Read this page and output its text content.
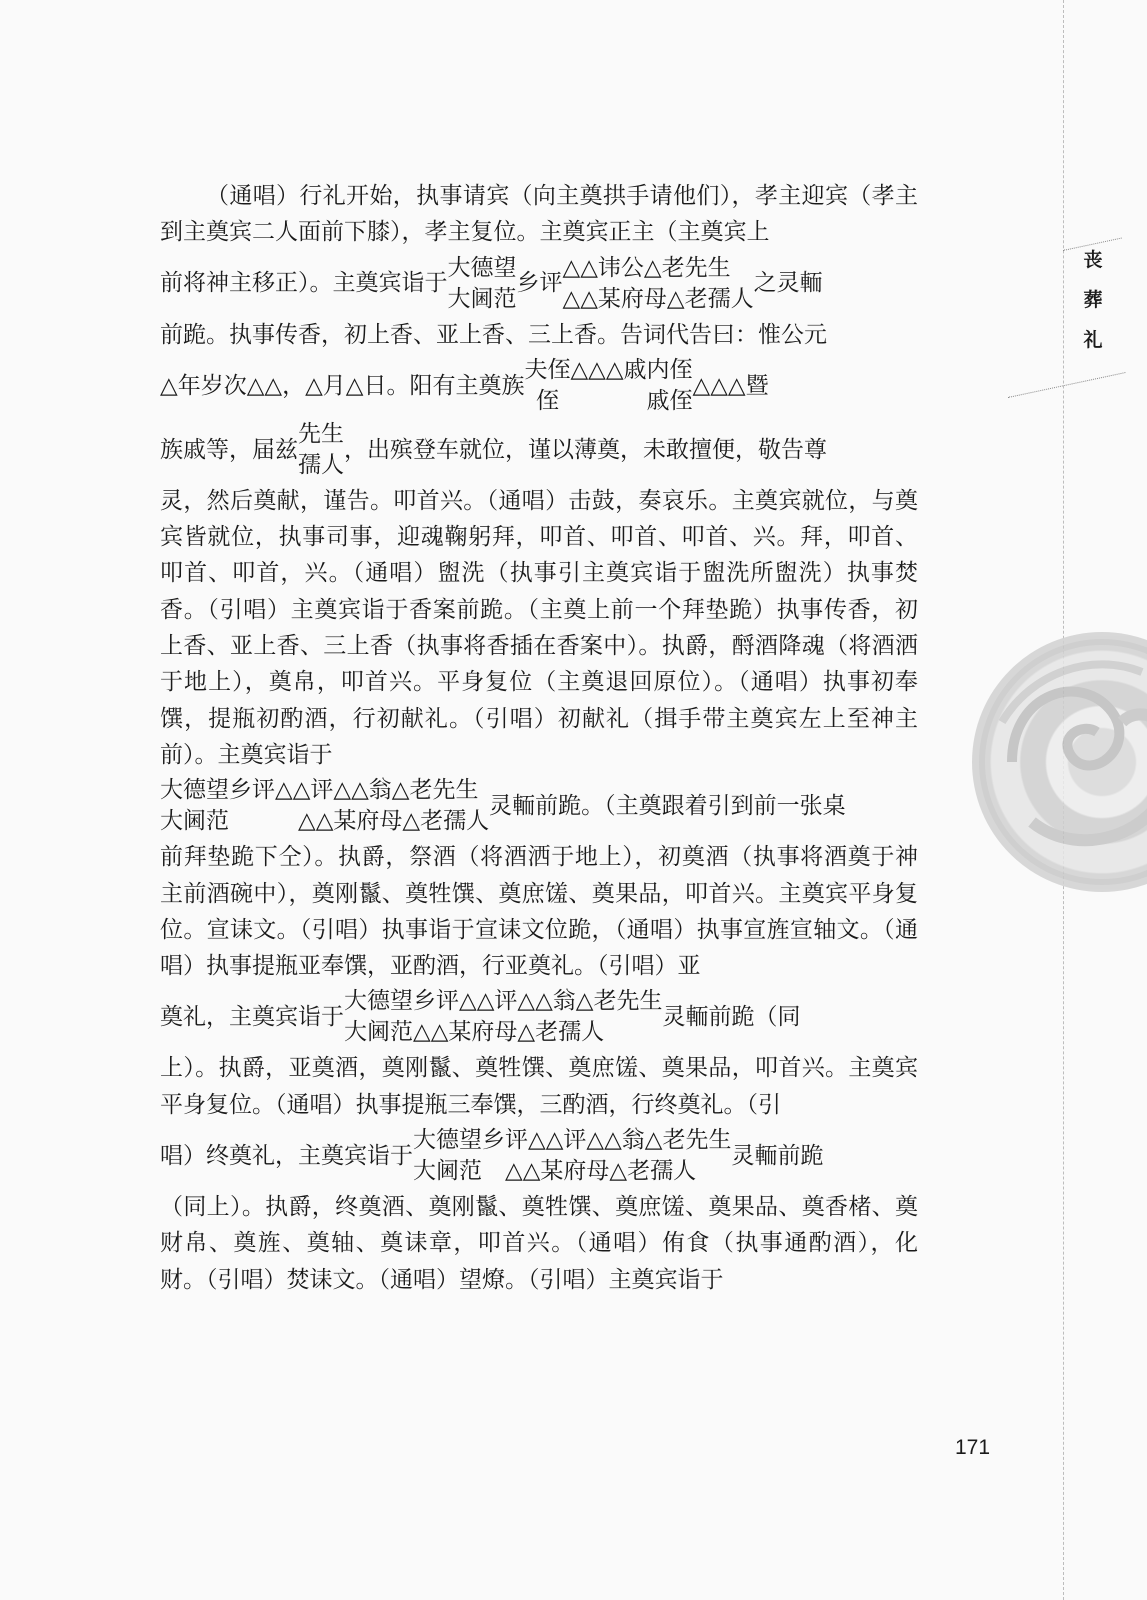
丧
葬
礼

（通唱）行礼开始，执事请宾（向主奠拱手请他们），孝主迎宾（孝主到主奠宾二人面前下膝），孝主复位。主奠宾正主（主奠宾上

前将神主移正）。主奠宾诣于
大德望
大阃范
乡评
△△讳公△老先生
△△某府母△老孺人
之灵輀

前跪。执事传香，初上香、亚上香、三上香。告词代告曰：惟公元

△年岁次△△，△月△日。阳有主奠族
夫侄
侄
△△△戚内侄
戚侄
△△△暨
族戚等，届兹
先生
孺人
，出殡登车就位，谨以薄奠，未敢擅便，敬告尊

灵，然后奠献，谨告。叩首兴。（通唱）击鼓，奏哀乐。主奠宾就位，与奠宾皆就位，执事司事，迎魂鞠躬拜，叩首、叩首、叩首、兴。拜，叩首、叩首、叩首，兴。（通唱）盥洗（执事引主奠宾诣于盥洗所盥洗）执事焚香。（引唱）主奠宾诣于香案前跪。（主奠上前一个拜垫跪）执事传香，初上香、亚上香、三上香（执事将香插在香案中）。执爵，酹酒降魂（将酒洒于地上），奠帛，叩首兴。平身复位（主奠退回原位）。（通唱）执事初奉馔，提瓶初酌酒，行初献礼。（引唱）初献礼（揖手带主奠宾左上至神主前）。主奠宾诣于

大德望乡评△△评△△翁△老先生
大阃范　　　△△某府母△老孺人
灵輀前跪。（主奠跟着引到前一张桌

前拜垫跪下仝）。执爵，祭酒（将酒洒于地上），初奠酒（执事将酒奠于神主前酒碗中），奠刚鬣、奠牲馔、奠庶馐、奠果品，叩首兴。主奠宾平身复位。宣诔文。（引唱）执事诣于宣诔文位跪，（通唱）执事宣旌宣轴文。（通唱）执事提瓶亚奉馔，亚酌酒，行亚奠礼。（引唱）亚

奠礼，主奠宾诣于
大德望乡评△△评△△翁△老先生
大阃范△△某府母△老孺人
灵輀前跪（同

上）。执爵，亚奠酒，奠刚鬣、奠牲馔、奠庶馐、奠果品，叩首兴。主奠宾平身复位。（通唱）执事提瓶三奉馔，三酌酒，行终奠礼。（引

唱）终奠礼，主奠宾诣于
大德望乡评△△评△△翁△老先生
大阃范　△△某府母△老孺人
灵輀前跪

（同上）。执爵，终奠酒、奠刚鬣、奠牲馔、奠庶馐、奠果品、奠香楮、奠财帛、奠旌、奠轴、奠诔章，叩首兴。（通唱）侑食（执事通酌酒），化财。（引唱）焚诔文。（通唱）望燎。（引唱）主奠宾诣于

171
